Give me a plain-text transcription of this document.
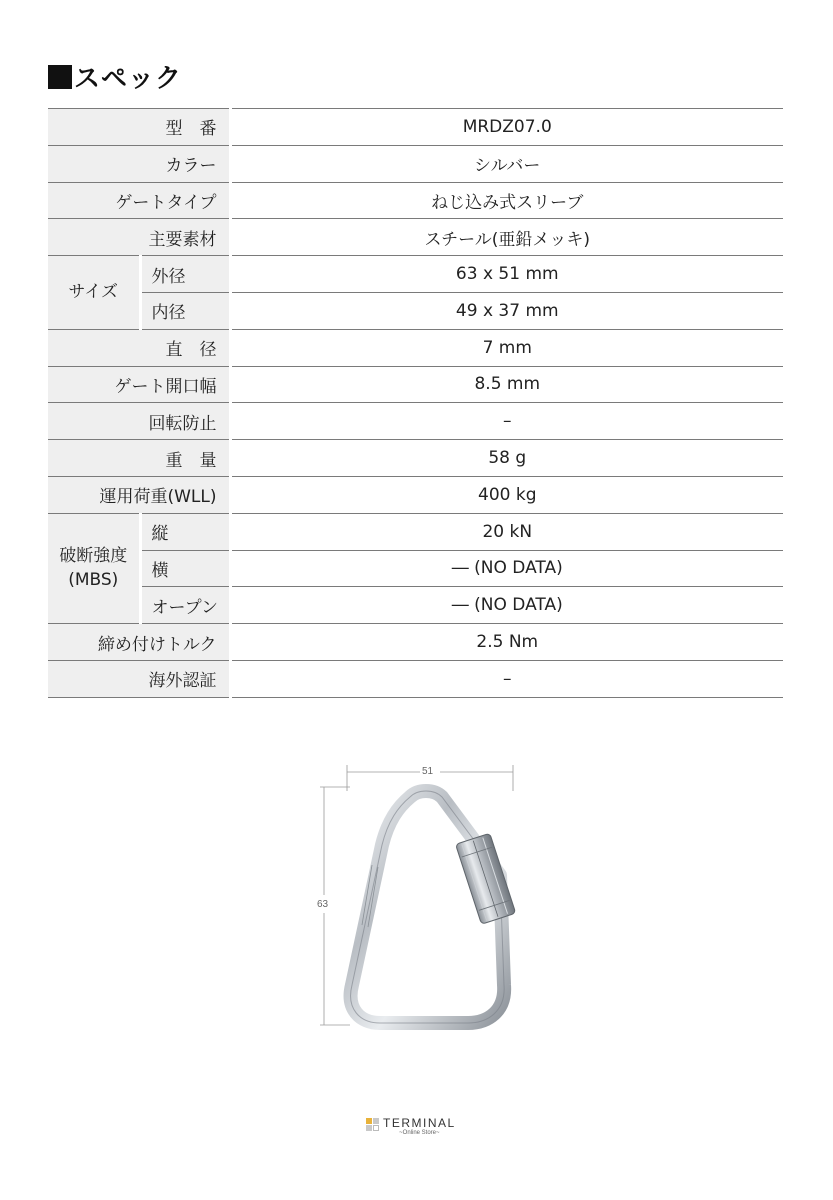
スペック
型　番		MRDZ07.0
カラー		シルバー
ゲートタイプ		ねじ込み式スリーブ
主要素材		スチール(亜鉛メッキ)
サイズ	外径	63 x 51 mm
	内径	49 x 37 mm
直　径		7 mm
ゲート開口幅		8.5 mm
回転防止		–
重　量		58 g
運用荷重(WLL)		400 kg
破断強度
(MBS)	縦	20 kN
	横	― (NO DATA)
	オープン	― (NO DATA)
締め付けトルク		2.5 Nm
海外認証		–
51
63
TERMINAL
~Online Store~
